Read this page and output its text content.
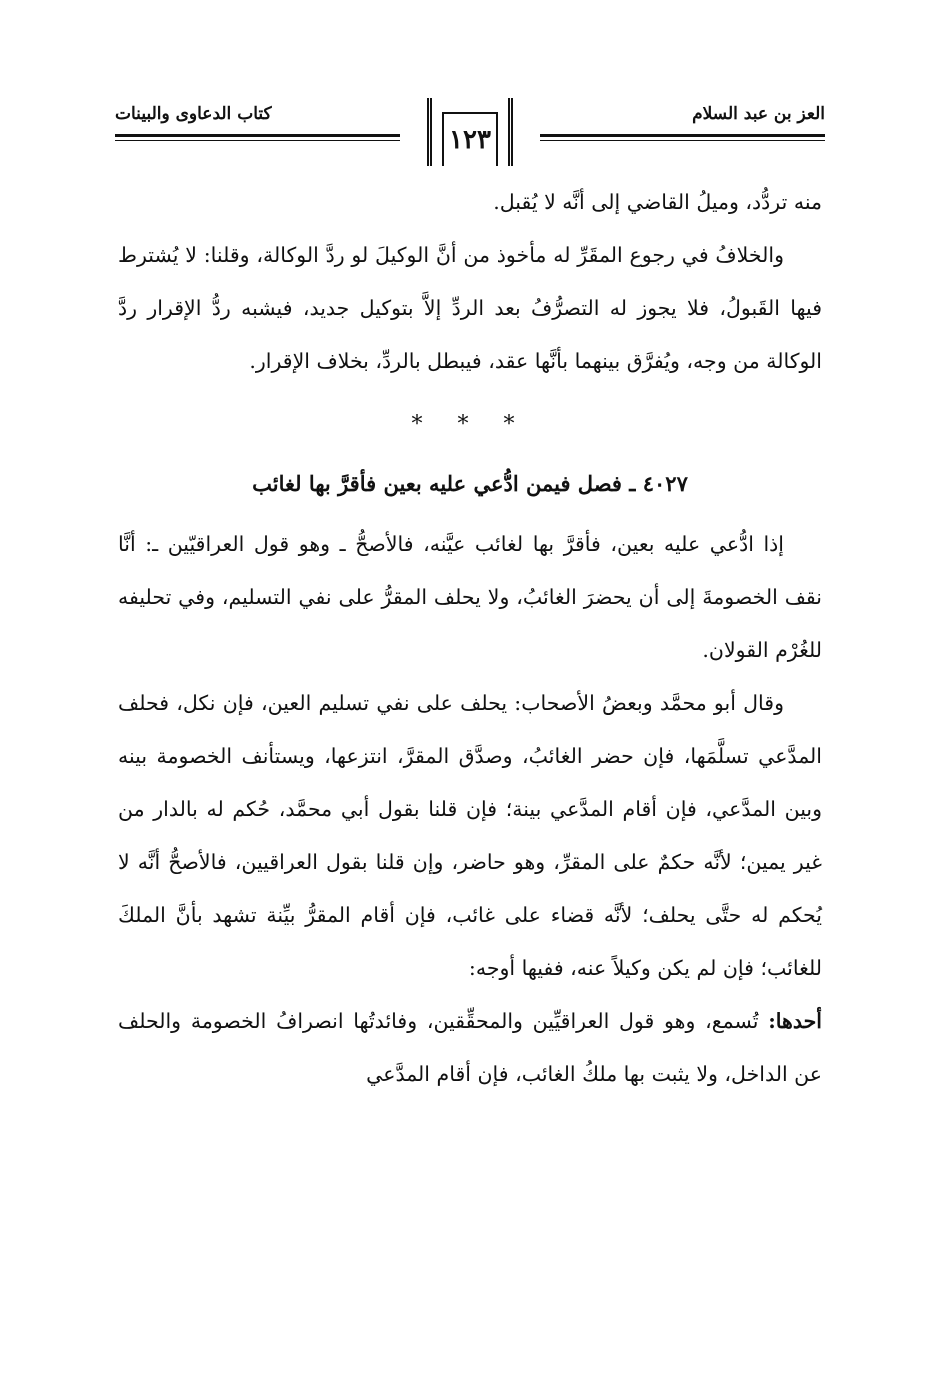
العز بن عبد السلام
كتاب الدعاوى والبينات
١٢٣

منه تردُّد، وميلُ القاضي إلى أنَّه لا يُقبل.

والخلافُ في رجوع المقَرِّ له مأخوذ من أنَّ الوكيلَ لو ردَّ الوكالة، وقلنا: لا يُشترط فيها القَبولُ، فلا يجوز له التصرُّفُ بعد الردِّ إلاَّ بتوكيل جديد، فيشبه ردُّ الإقرار ردَّ الوكالة من وجه، ويُفرَّق بينهما بأنَّها عقد، فيبطل بالردِّ، بخلاف الإقرار.

* * *
٤٠٢٧ ـ فصل فيمن ادُّعي عليه بعين فأقرَّ بها لغائب

إذا ادُّعي عليه بعين، فأقرَّ بها لغائب عيَّنه، فالأصحُّ ـ وهو قول العراقيّين ـ: أنَّا نقف الخصومةَ إلى أن يحضرَ الغائبُ، ولا يحلف المقرُّ على نفي التسليم، وفي تحليفه للغُرْم القولان.

وقال أبو محمَّد وبعضُ الأصحاب: يحلف على نفي تسليم العين، فإن نكل، فحلف المدَّعي تسلَّمَها، فإن حضر الغائبُ، وصدَّق المقرَّ، انتزعها، ويستأنف الخصومة بينه وبين المدَّعي، فإن أقام المدَّعي بينة؛ فإن قلنا بقول أبي محمَّد، حُكم له بالدار من غير يمين؛ لأنَّه حكمٌ على المقرِّ، وهو حاضر، وإن قلنا بقول العراقيين، فالأصحُّ أنَّه لا يُحكم له حتَّى يحلف؛ لأنَّه قضاء على غائب، فإن أقام المقرُّ بيِّنة تشهد بأنَّ الملكَ للغائب؛ فإن لم يكن وكيلاً عنه، ففيها أوجه:

أحدها: تُسمع، وهو قول العراقيِّين والمحقِّقين، وفائدتُها انصرافُ الخصومة والحلف عن الداخل، ولا يثبت بها ملكُ الغائب، فإن أقام المدَّعي
